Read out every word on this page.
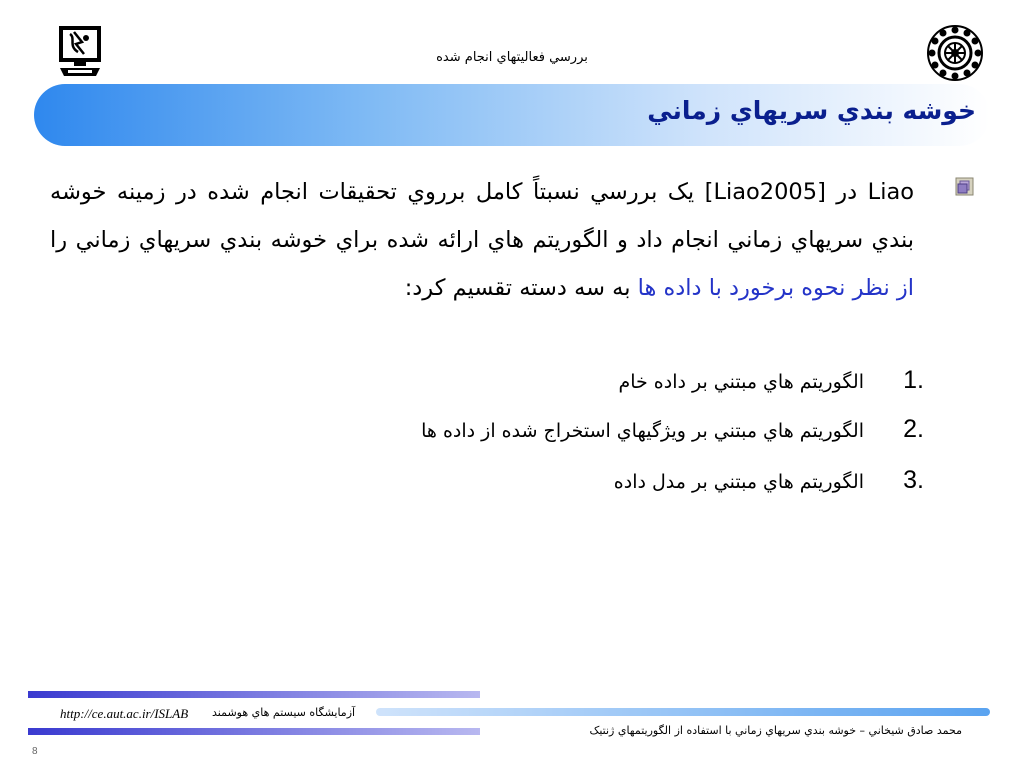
بررسي فعاليتهاي انجام شده
خوشه بندي سريهاي زماني
Liao در [Liao2005] يک بررسي نسبتاً کامل برروي تحقيقات انجام شده در زمينه خوشه بندي سريهاي زماني انجام داد و الگوريتم هاي ارائه شده براي خوشه بندي سريهاي زماني را از نظر نحوه برخورد با داده ها به سه دسته تقسيم کرد:
1.الگوريتم هاي مبتني بر داده خام
2.الگوريتم هاي مبتني بر ويژگيهاي استخراج شده از داده ها
3.الگوريتم هاي مبتني بر مدل داده
http://ce.aut.ac.ir/ISLAB آزمايشگاه سيستم هاي هوشمند
محمد صادق شيخاني – خوشه بندي سريهاي زماني با استفاده از الگوريتمهاي ژنتيک
8
